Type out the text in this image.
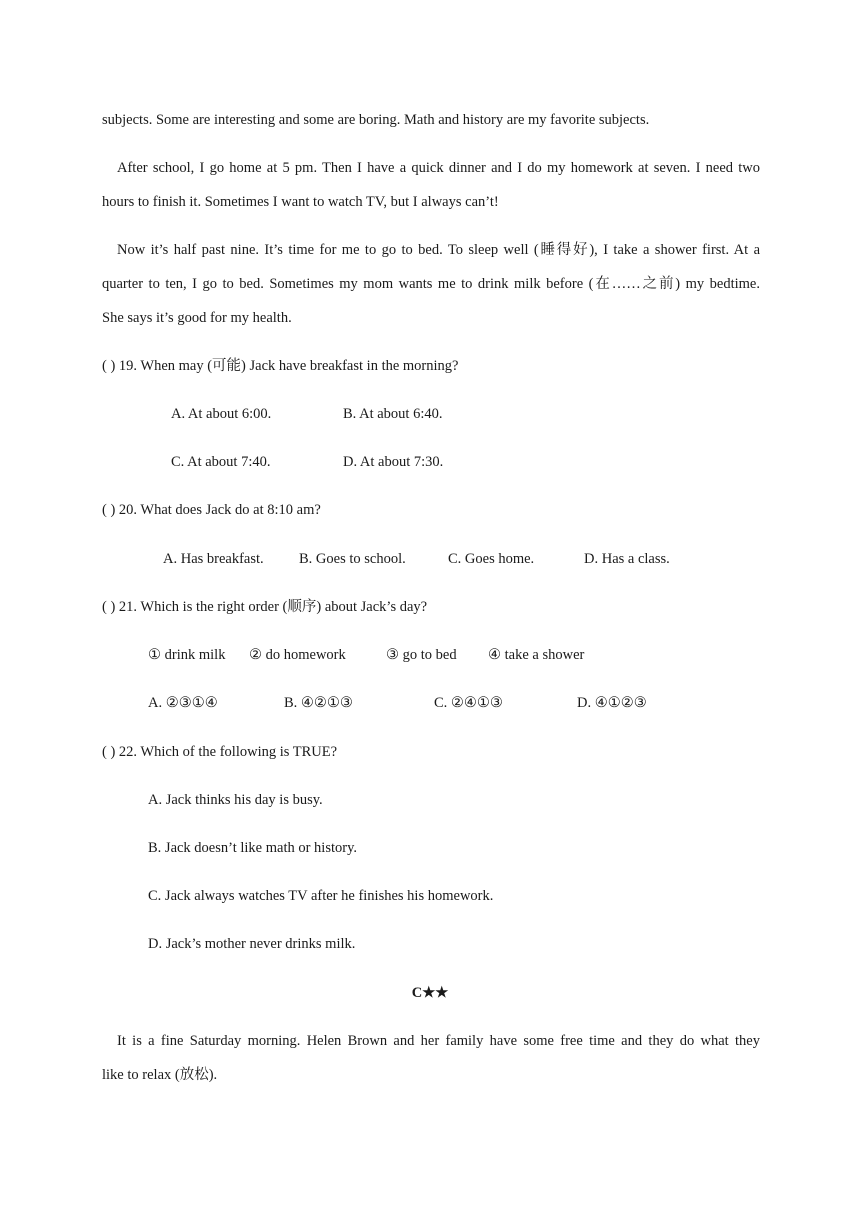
subjects. Some are interesting and some are boring. Math and history are my favorite subjects.
After school, I go home at 5 pm. Then I have a quick dinner and I do my homework at seven. I need two
hours to finish it. Sometimes I want to watch TV, but I always can’t!
Now it’s half past nine. It’s time for me to go to bed. To sleep well (睡得好), I take a shower first. At a
quarter to ten, I go to bed. Sometimes my mom wants me to drink milk before (在……之前) my bedtime.
She says it’s good for my health.
( ) 19. When may (可能) Jack have breakfast in the morning?
A. At about 6:00.	B. At about 6:40.
C. At about 7:40.	D. At about 7:30.
( ) 20. What does Jack do at 8:10 am?
A. Has breakfast. B. Goes to school.	C. Goes home.	D. Has a class.
( ) 21. Which is the right order (顺序) about Jack’s day?
① drink milk ② do homework	③ go to bed ④ take a shower
A. ②③①④	B. ④②①③	C. ②④①③	D. ④①②③
( ) 22. Which of the following is TRUE?
A. Jack thinks his day is busy.
B. Jack doesn’t like math or history.
C. Jack always watches TV after he finishes his homework.
D. Jack’s mother never drinks milk.
C★★
It is a fine Saturday morning. Helen Brown and her family have some free time and they do what they
like to relax (放松).
